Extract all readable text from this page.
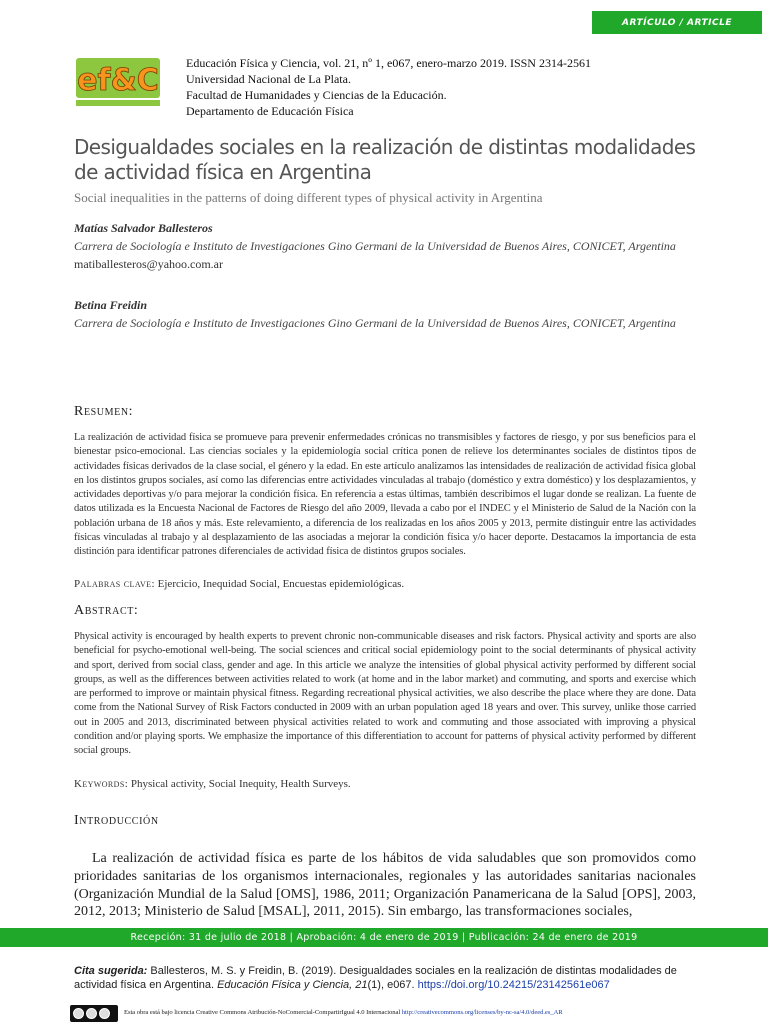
ARTÍCULO / ARTICLE
ef&C Educación Física y Ciencia, vol. 21, nº 1, e067, enero-marzo 2019. ISSN 2314-2561
Universidad Nacional de La Plata.
Facultad de Humanidades y Ciencias de la Educación.
Departamento de Educación Física
Desigualdades sociales en la realización de distintas modalidades de actividad física en Argentina
Social inequalities in the patterns of doing different types of physical activity in Argentina
Matías Salvador Ballesteros
Carrera de Sociología e Instituto de Investigaciones Gino Germani de la Universidad de Buenos Aires, CONICET, Argentina
matiballesteros@yahoo.com.ar
Betina Freidin
Carrera de Sociología e Instituto de Investigaciones Gino Germani de la Universidad de Buenos Aires, CONICET, Argentina
Resumen:

La realización de actividad física se promueve para prevenir enfermedades crónicas no transmisibles y factores de riesgo, y por sus beneficios para el bienestar psico-emocional. Las ciencias sociales y la epidemiología social crítica ponen de relieve los determinantes sociales de distintos tipos de actividades físicas derivados de la clase social, el género y la edad. En este artículo analizamos las intensidades de realización de actividad física global en los distintos grupos sociales, así como las diferencias entre actividades vinculadas al trabajo (doméstico y extra doméstico) y los desplazamientos, y actividades deportivas y/o para mejorar la condición física. En referencia a estas últimas, también describimos el lugar donde se realizan. La fuente de datos utilizada es la Encuesta Nacional de Factores de Riesgo del año 2009, llevada a cabo por el INDEC y el Ministerio de Salud de la Nación con la población urbana de 18 años y más. Este relevamiento, a diferencia de los realizadas en los años 2005 y 2013, permite distinguir entre las actividades físicas vinculadas al trabajo y al desplazamiento de las asociadas a mejorar la condición física y/o hacer deporte. Destacamos la importancia de esta distinción para identificar patrones diferenciales de actividad física de distintos grupos sociales.

Palabras clave: Ejercicio, Inequidad Social, Encuestas epidemiológicas.
Abstract:

Physical activity is encouraged by health experts to prevent chronic non-communicable diseases and risk factors. Physical activity and sports are also beneficial for psycho-emotional well-being. The social sciences and critical social epidemiology point to the social determinants of physical activity and sport, derived from social class, gender and age. In this article we analyze the intensities of global physical activity performed by different social groups, as well as the differences between activities related to work (at home and in the labor market) and commuting, and sports and exercise which are performed to improve or maintain physical fitness. Regarding recreational physical activities, we also describe the place where they are done. Data come from the National Survey of Risk Factors conducted in 2009 with an urban population aged 18 years and over. This survey, unlike those carried out in 2005 and 2013, discriminated between physical activities related to work and commuting and those associated with improving a physical condition and/or playing sports. We emphasize the importance of this differentiation to account for patterns of physical activity performed by different social groups.

Keywords: Physical activity, Social Inequity, Health Surveys.
Introducción

La realización de actividad física es parte de los hábitos de vida saludables que son promovidos como prioridades sanitarias de los organismos internacionales, regionales y las autoridades sanitarias nacionales (Organización Mundial de la Salud [OMS], 1986, 2011; Organización Panamericana de la Salud [OPS], 2003, 2012, 2013; Ministerio de Salud [MSAL], 2011, 2015). Sin embargo, las transformaciones sociales,

Recepción: 31 de julio de 2018 | Aprobación: 4 de enero de 2019 | Publicación: 24 de enero de 2019
Cita sugerida: Ballesteros, M. S. y Freidin, B. (2019). Desigualdades sociales en la realización de distintas modalidades de actividad física en Argentina. Educación Física y Ciencia, 21(1), e067. https://doi.org/10.24215/23142561e067
Esta obra está bajo licencia Creative Commons Atribución-NoComercial-CompartirIgual 4.0 Internacional http://creativecommons.org/licenses/by-nc-sa/4.0/deed.es_AR
